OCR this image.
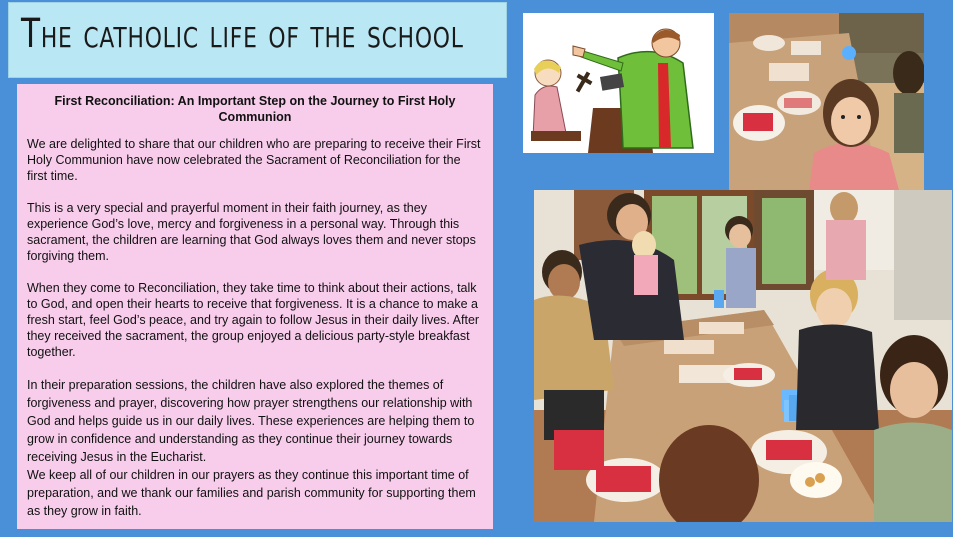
The catholic life of the school
First Reconciliation: An Important Step on the Journey to First Holy Communion

We are delighted to share that our children who are preparing to receive their First Holy Communion have now celebrated the Sacrament of Reconciliation for the first time.

This is a very special and prayerful moment in their faith journey, as they experience God’s love, mercy and forgiveness in a personal way. Through this sacrament, the children are learning that God always loves them and never stops forgiving them.

When they come to Reconciliation, they take time to think about their actions, talk to God, and open their hearts to receive that forgiveness. It is a chance to make a fresh start, feel God’s peace, and try again to follow Jesus in their daily lives. After they received the sacrament, the group enjoyed a delicious party-style breakfast together.

In their preparation sessions, the children have also explored the themes of forgiveness and prayer, discovering how prayer strengthens our relationship with God and helps guide us in our daily lives. These experiences are helping them to grow in confidence and understanding as they continue their journey towards receiving Jesus in the Eucharist.

We keep all of our children in our prayers as they continue this important time of preparation, and we thank our families and parish community for supporting them as they grow in faith.
